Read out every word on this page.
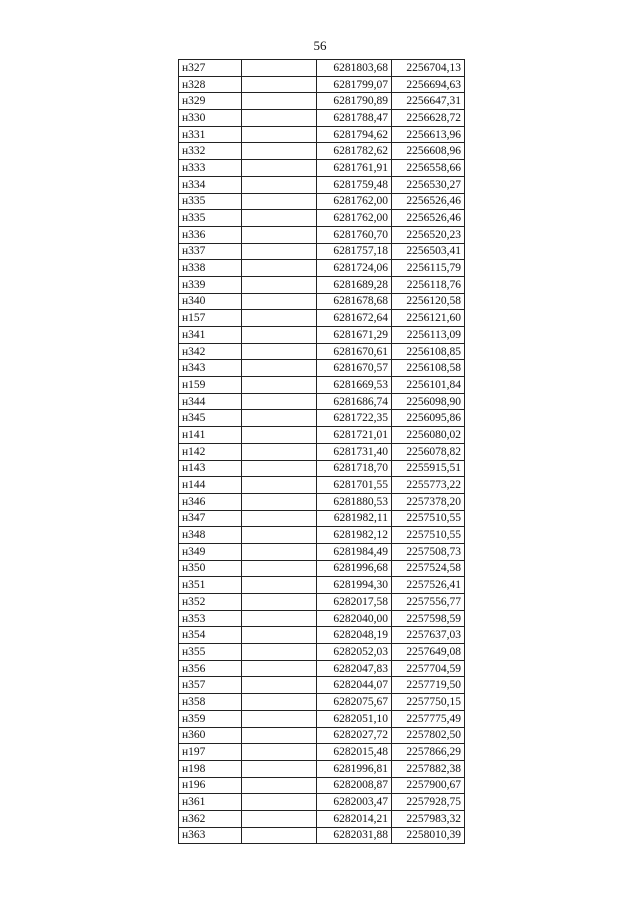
56
н327		6281803,68	2256704,13
н328		6281799,07	2256694,63
н329		6281790,89	2256647,31
н330		6281788,47	2256628,72
н331		6281794,62	2256613,96
н332		6281782,62	2256608,96
н333		6281761,91	2256558,66
н334		6281759,48	2256530,27
н335		6281762,00	2256526,46
н335		6281762,00	2256526,46
н336		6281760,70	2256520,23
н337		6281757,18	2256503,41
н338		6281724,06	2256115,79
н339		6281689,28	2256118,76
н340		6281678,68	2256120,58
н157		6281672,64	2256121,60
н341		6281671,29	2256113,09
н342		6281670,61	2256108,85
н343		6281670,57	2256108,58
н159		6281669,53	2256101,84
н344		6281686,74	2256098,90
н345		6281722,35	2256095,86
н141		6281721,01	2256080,02
н142		6281731,40	2256078,82
н143		6281718,70	2255915,51
н144		6281701,55	2255773,22
н346		6281880,53	2257378,20
н347		6281982,11	2257510,55
н348		6281982,12	2257510,55
н349		6281984,49	2257508,73
н350		6281996,68	2257524,58
н351		6281994,30	2257526,41
н352		6282017,58	2257556,77
н353		6282040,00	2257598,59
н354		6282048,19	2257637,03
н355		6282052,03	2257649,08
н356		6282047,83	2257704,59
н357		6282044,07	2257719,50
н358		6282075,67	2257750,15
н359		6282051,10	2257775,49
н360		6282027,72	2257802,50
н197		6282015,48	2257866,29
н198		6281996,81	2257882,38
н196		6282008,87	2257900,67
н361		6282003,47	2257928,75
н362		6282014,21	2257983,32
н363		6282031,88	2258010,39
